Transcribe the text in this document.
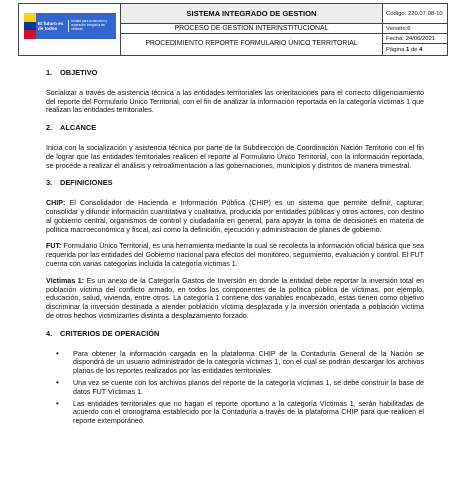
El futuro es de todos
Unidad para la atención y reparación integral a las víctimas
SISTEMA INTEGRADO DE GESTION
PROCESO DE GESTIÓN INTERINSTITUCIONAL
PROCEDIMIENTO REPORTE FORMULARIO ÚNICO TERRITORIAL
Código: 220.07.08-10
Versión:6
Fecha: 24/06/2021
Página
1
de
4
1. OBJETIVO

Socializar a través de asistencia técnica a las entidades territoriales las orientaciones para el correcto diligenciamiento del reporte del Formulario Único Territorial, con el fin de analizar la información reportada en la categoría víctimas 1 que realizan las entidades territoriales.

2. ALCANCE

Inicia con la socialización y asistencia técnica por parte de la Subdirección de Coordinación Nación Territorio con el fin de lograr que las entidades territoriales realicen el reporte al Formulario Único Territorial, con la información reportada, se procede a realizar el análisis y retroalimentación a las gobernaciones, municipios y distritos de manera trimestral.

3. DEFINICIONES

CHIP: El Consolidador de Hacienda e Información Pública (CHIP) es un sistema que permite definir, capturar, consolidar y difundir información cuantitativa y cualitativa, producida por entidades públicas y otros actores, con destino al gobierno central, organismos de control y ciudadanía en general, para apoyar la toma de decisiones en materia de política macroeconómica y fiscal, así como la definición, ejecución y administración de planes de gobierno.

FUT: Formulario Único Territorial, es una herramienta mediante la cual se recolecta la información oficial básica que sea requerida por las entidades del Gobierno nacional para efectos del monitoreo, seguimiento, evaluación y control. El FUT cuenta con varias categorías incluida la categoría víctimas 1.

Víctimas 1: Es un anexo de la Categoría Gastos de Inversión en donde la entidad debe reportar la inversión total en población víctima del conflicto armado, en todos los componentes de la política pública de víctimas, por ejemplo, educación, salud, vivienda, entre otros. La categoría 1 contiene dos variables encabezado, estas tienen como objetivo discriminar la inversión destinada a atender población víctima desplazada y la inversión orientada a población víctima de otros hechos victimizantes distinta a desplazamiento forzado.

4. CRITERIOS DE OPERACIÓN
• Para obtener la información cargada en la plataforma CHIP de la Contaduría General de la Nación se dispondrá de un usuario administrador de la categoría víctimas 1, con el cual se podrán descargar los archivos planos de los reportes realizados por las entidades territoriales.
• Una vez se cuente con los archivos planos del reporte de la categoría víctimas 1, se debe construir la base de datos FUT Víctimas 1.
• Las entidades territoriales que no hagan el reporte oportuno a la categoría Víctimas 1, serán habilitadas de acuerdo con el cronograma establecido por la Contaduría a través de la plataforma CHIP para que realicen el reporte extemporáneo.
